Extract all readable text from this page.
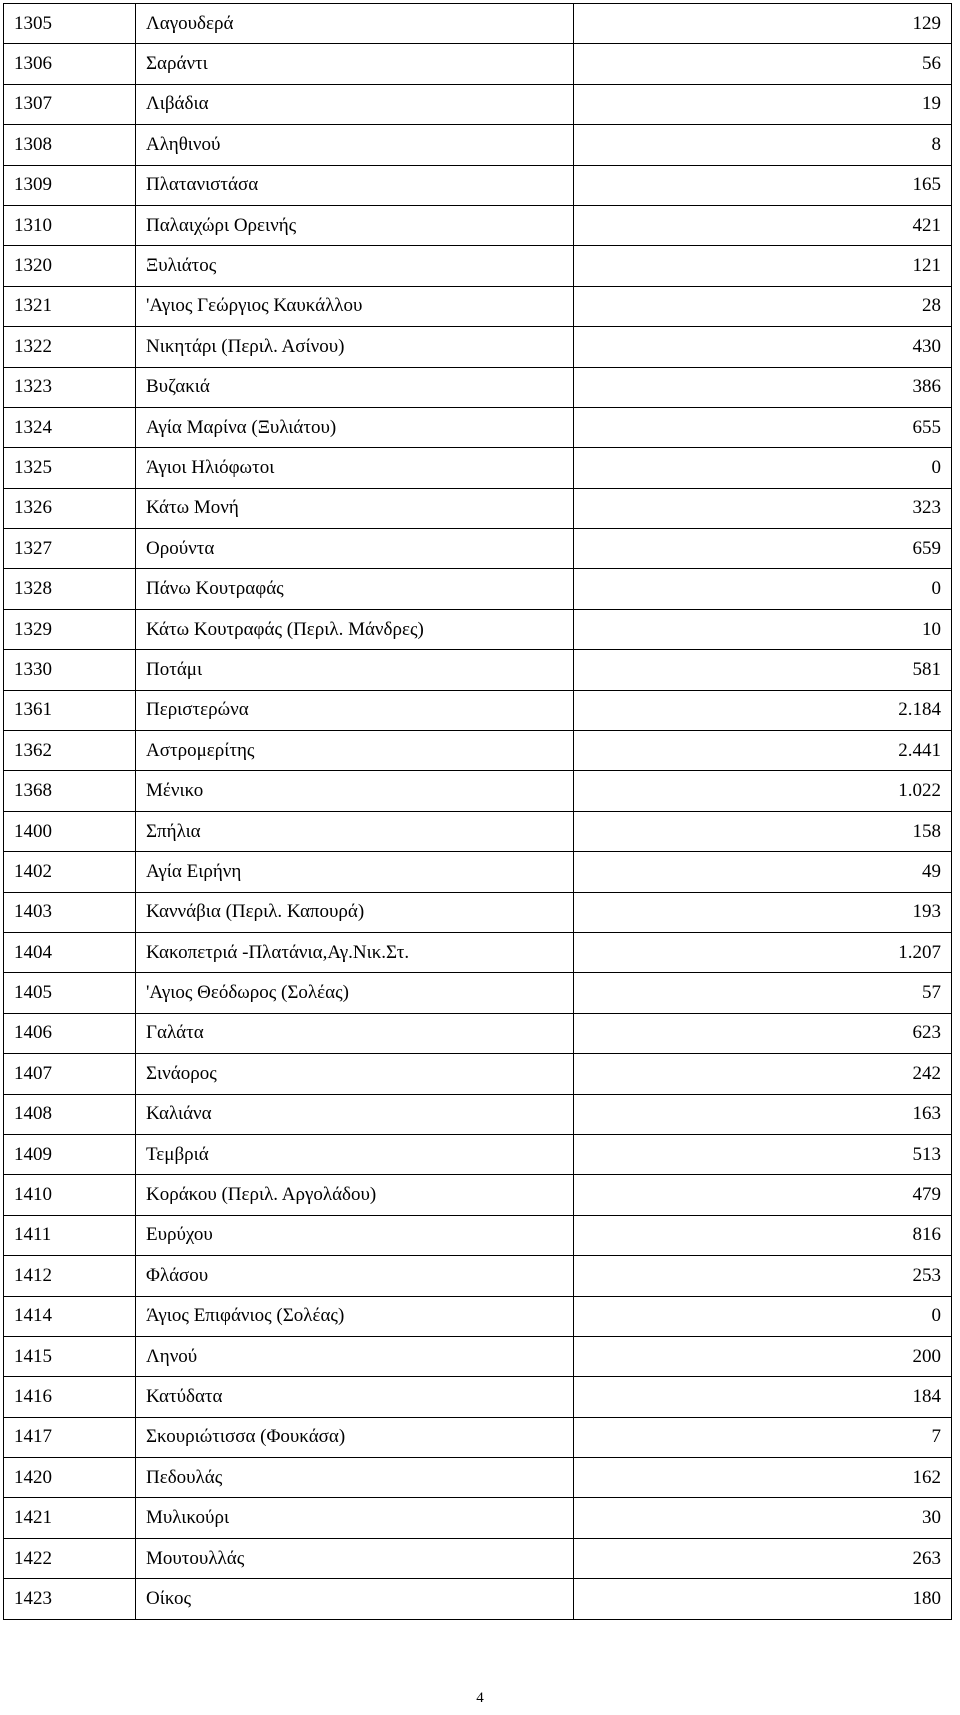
1305	Λαγουδερά	129
1306	Σαράντι	56
1307	Λιβάδια	19
1308	Αληθινού	8
1309	Πλατανιστάσα	165
1310	Παλαιχώρι Ορεινής	421
1320	Ξυλιάτος	121
1321	'Αγιος Γεώργιος Καυκάλλου	28
1322	Νικητάρι (Περιλ. Ασίνου)	430
1323	Βυζακιά	386
1324	Αγία Μαρίνα (Ξυλιάτου)	655
1325	Άγιοι Ηλιόφωτοι	0
1326	Κάτω Μονή	323
1327	Ορούντα	659
1328	Πάνω Κουτραφάς	0
1329	Κάτω Κουτραφάς (Περιλ. Μάνδρες)	10
1330	Ποτάμι	581
1361	Περιστερώνα	2.184
1362	Αστρομερίτης	2.441
1368	Μένικο	1.022
1400	Σπήλια	158
1402	Αγία Ειρήνη	49
1403	Καννάβια (Περιλ. Καπουρά)	193
1404	Κακοπετριά -Πλατάνια,Αγ.Νικ.Στ.	1.207
1405	'Αγιος Θεόδωρος (Σολέας)	57
1406	Γαλάτα	623
1407	Σινάορος	242
1408	Καλιάνα	163
1409	Τεμβριά	513
1410	Κοράκου (Περιλ. Αργολάδου)	479
1411	Ευρύχου	816
1412	Φλάσου	253
1414	Άγιος Επιφάνιος (Σολέας)	0
1415	Ληνού	200
1416	Κατύδατα	184
1417	Σκουριώτισσα (Φουκάσα)	7
1420	Πεδουλάς	162
1421	Μυλικούρι	30
1422	Μουτουλλάς	263
1423	Οίκος	180
4
